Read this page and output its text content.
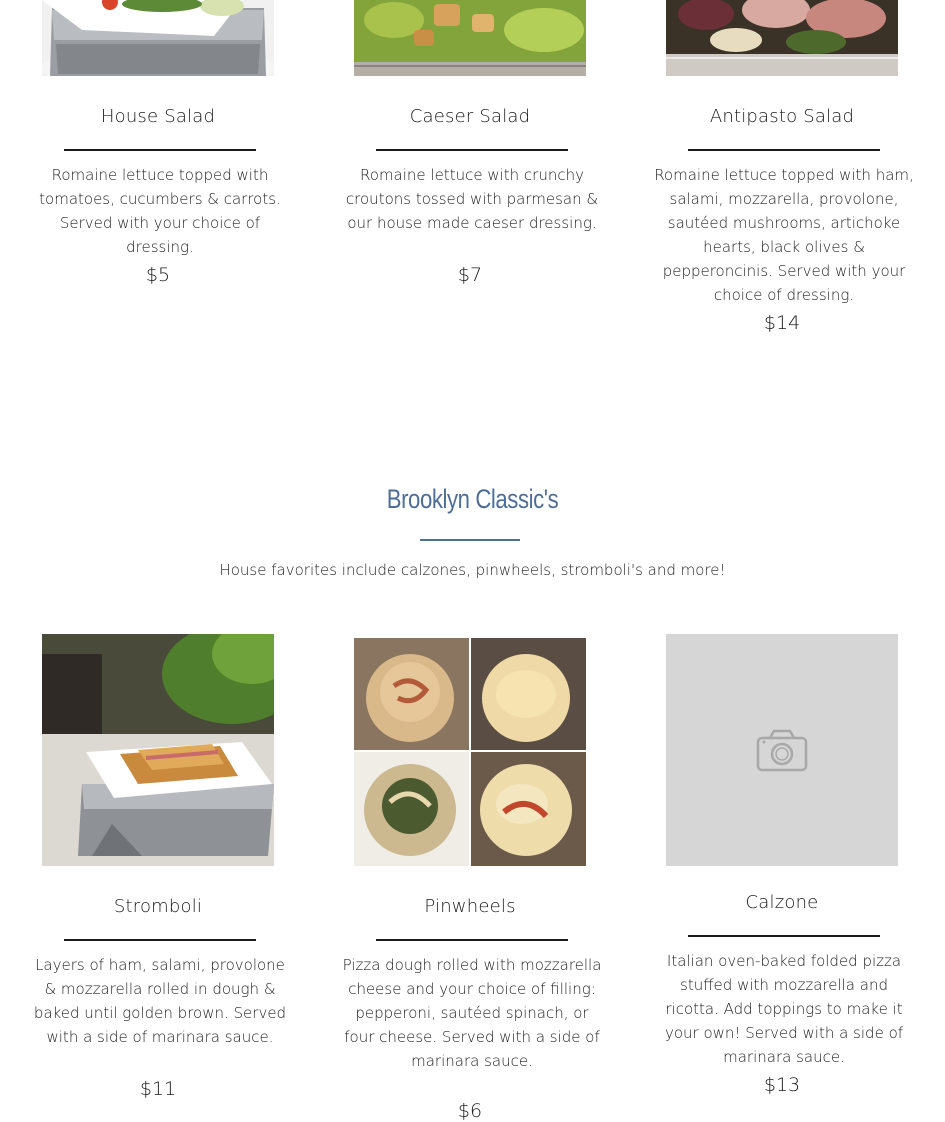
House Salad
Romaine lettuce topped with tomatoes, cucumbers & carrots. Served with your choice of dressing.
$5
Caeser Salad
Romaine lettuce with crunchy croutons tossed with parmesan & our house made caeser dressing.
$7
Antipasto Salad
Romaine lettuce topped with ham, salami, mozzarella, provolone, sautéed mushrooms, artichoke hearts, black olives & pepperoncinis. Served with your choice of dressing.
$14
Brooklyn Classic's
House favorites include calzones, pinwheels, stromboli's and more!
Stromboli
Layers of ham, salami, provolone & mozzarella rolled in dough & baked until golden brown. Served with a side of marinara sauce.
$11
Pinwheels
Pizza dough rolled with mozzarella cheese and your choice of filling: pepperoni, sautéed spinach, or four cheese. Served with a side of marinara sauce.
$6
Calzone
Italian oven-baked folded pizza stuffed with mozzarella and ricotta. Add toppings to make it your own! Served with a side of marinara sauce.
$13
